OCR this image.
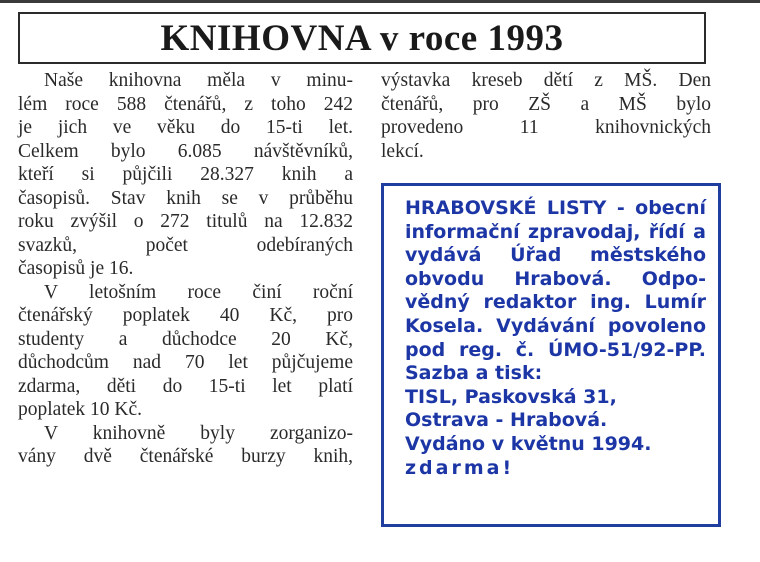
KNIHOVNA v roce 1993
Naše knihovna měla v minu-
lém roce 588 čtenářů, z toho 242
je jich ve věku do 15-ti let.
Celkem bylo 6.085 návštěvníků,
kteří si půjčili 28.327 knih a
časopisů. Stav knih se v průběhu
roku zvýšil o 272 titulů na 12.832
svazků, počet odebíraných
časopisů je 16.
V letošním roce činí roční
čtenářský poplatek 40 Kč, pro
studenty a důchodce 20 Kč,
důchodcům nad 70 let půjčujeme
zdarma, děti do 15-ti let platí
poplatek 10 Kč.
V knihovně byly zorganizo-
vány dvě čtenářské burzy knih,
výstavka kreseb dětí z MŠ. Den
čtenářů, pro ZŠ a MŠ bylo
provedeno 11 knihovnických
lekcí.
HRABOVSKÉ LISTY - obecní
informační zpravodaj, řídí a
vydává Úřad městského
obvodu Hrabová. Odpo-
vědný redaktor ing. Lumír
Kosela. Vydávání povoleno
pod reg. č. ÚMO-51/92-PP.
Sazba a tisk:
TISL, Paskovská 31,
Ostrava - Hrabová.
Vydáno v květnu 1994.
zdarma!
